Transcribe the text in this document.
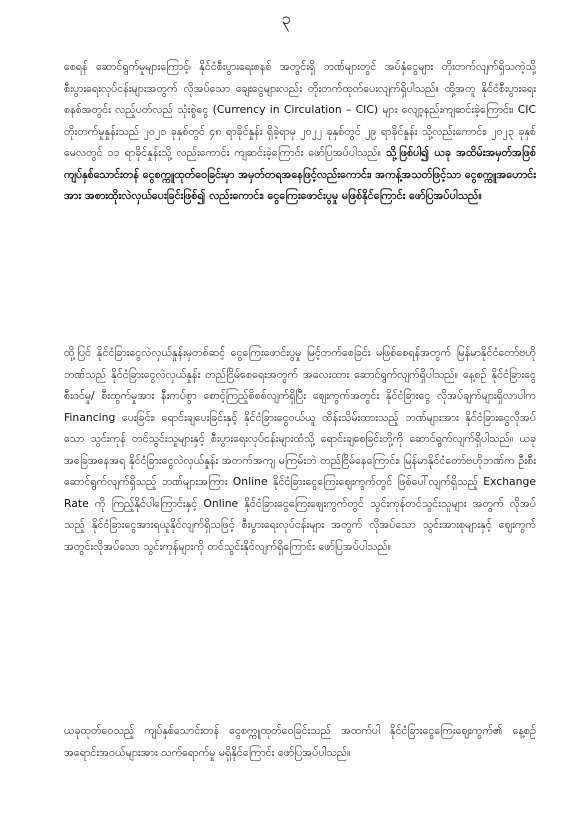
၃

စေရန် ဆောင်ရွက်မှုများကြောင့်၊ နိုင်ငံစီးပွားရေးစနစ် အတွင်းရှိ ဘဏ်များတွင် အပ်နှံငွေများ တိုးတက်လျက်ရှိသကဲ့သို့ စီးပွားရေးလုပ်ငန်းများအတွက် လိုအပ်သော ချေးငွေများလည်း တိုးတက်ထုတ်ပေးလျက်ရှိပါသည်။ ထို့အတူ နိုင်ငံစီးပွားရေး စနစ်အတွင်း လည့်ပတ်လည် သုံးစွဲငွေ (Currency in Circulation – CIC) များ လျော့နည်းကျဆင်းခဲ့ကြောင်း၊ CIC တိုးတက်မှုနှုန်းသည် ၂၀၂၁ ခုနှစ်တွင် ၄၈ ရာခိုင်နှုန်း ရှိခဲ့ရာမှ ၂၀၂၂ ခုနှစ်တွင် ၂၉ ရာခိုင်နှုန်း သို့လည်းကောင်း၊ ၂၀၂၃ ခုနှစ် မေလတွင် ၁၁ ရာခိုင်နှုန်းသို့ လည်းကောင်း ကျဆင်းခဲ့ကြောင်း ဖော်ပြအပ်ပါသည်။ သို့ဖြစ်ပါ၍ ယခု အထိမ်းအမှတ်အဖြစ် ကျပ်နှစ်သောင်းတန် ငွေစက္ကူထုတ်ဝေခြင်းမှာ အမှတ်တရအနေဖြင့်လည်းကောင်း၊ အကန့်အသတ်ဖြင့်သာ ငွေစက္ကူအဟောင်းအား အစားထိုးလဲလှယ်ပေးခြင်းဖြစ်၍ လည်းကောင်း၊ ငွေကြေးဖောင်းပွမှု မဖြစ်နိုင်ကြောင်း ဖော်ပြအပ်ပါသည်။

ထို့ပြင် နိုင်ငံခြားငွေလဲလှယ်နှုန်းမှတစ်ဆင့် ငွေကြေးဖောင်းပွမှု မြင့်တက်စေခြင်း မဖြစ်စေရန်အတွက် မြန်မာနိုင်ငံတော်ဗဟိုဘဏ်သည် နိုင်ငံခြားငွေလဲလှယ်နှုန်း တည်ငြိမ်စေရေးအတွက် အလေးထား ဆောင်ရွက်လျက်ရှိပါသည်။ နေ့စဉ် နိုင်ငံခြားငွေ စီးဝင်မှု/ စီးထွက်မှုအား နီးကပ်စွာ စောင့်ကြည့်စိစစ်လျက်ရှိပြီး ဈေးကွက်အတွင်း နိုင်ငံခြားငွေ လိုအပ်ချက်များရှိလာပါက Financing ပေးခြင်း၊ ရောင်းချပေးခြင်းနှင့် နိုင်ငံခြားငွေဝယ်ယူ ထိန်းသိမ်းထားသည့် ဘဏ်များအား နိုင်ငံခြားငွေလိုအပ်သော သွင်းကုန် တင်သွင်းသူများနှင့် စီးပွားရေးလုပ်ငန်းများထံသို့ ရောင်းချစေခြင်းတို့ကို ဆောင်ရွက်လျက်ရှိပါသည်။ ယခုအခြေအနေအရ နိုင်ငံခြားငွေလဲလှယ်နှုန်း အတက်အကျ မကြမ်းဘဲ တည်ငြိမ်နေကြောင်း၊ မြန်မာနိုင်ငံတော်ဗဟိုဘဏ်က ဦးစီး ဆောင်ရွက်လျက်ရှိသည့် ဘဏ်များအကြား Online နိုင်ငံခြားငွေကြေးဈေးကွက်တွင် ဖြစ်ပေါ်လျက်ရှိသည့် Exchange Rate ကို ကြည့်နိုင်ပါကြောင်းနှင့် Online နိုင်ငံခြားငွေကြေးဈေးကွက်တွင် သွင်းကုန်တင်သွင်းသူများ အတွက် လိုအပ်သည့် နိုင်ငံခြားငွေအားရယူနိုင်လျက်ရှိသဖြင့် စီးပွားရေးလုပ်ငန်းများ အတွက် လိုအပ်သော သွင်းအားစုများနှင့် ဈေးကွက်အတွင်းလိုအပ်သော သွင်းကုန်များကို တင်သွင်းနိုင်လျက်ရှိကြောင်း ဖော်ပြအပ်ပါသည်။

ယခုထုတ်ဝေသည့် ကျပ်နှစ်သောင်းတန် ငွေစက္ကူထုတ်ဝေခြင်းသည် အထက်ပါ နိုင်ငံခြားငွေကြေးဈေးကွက်၏ နေ့စဉ် အရောင်းအဝယ်များအား သက်ရောက်မှု မရှိနိုင်ကြောင်း ဖော်ပြအပ်ပါသည်။
